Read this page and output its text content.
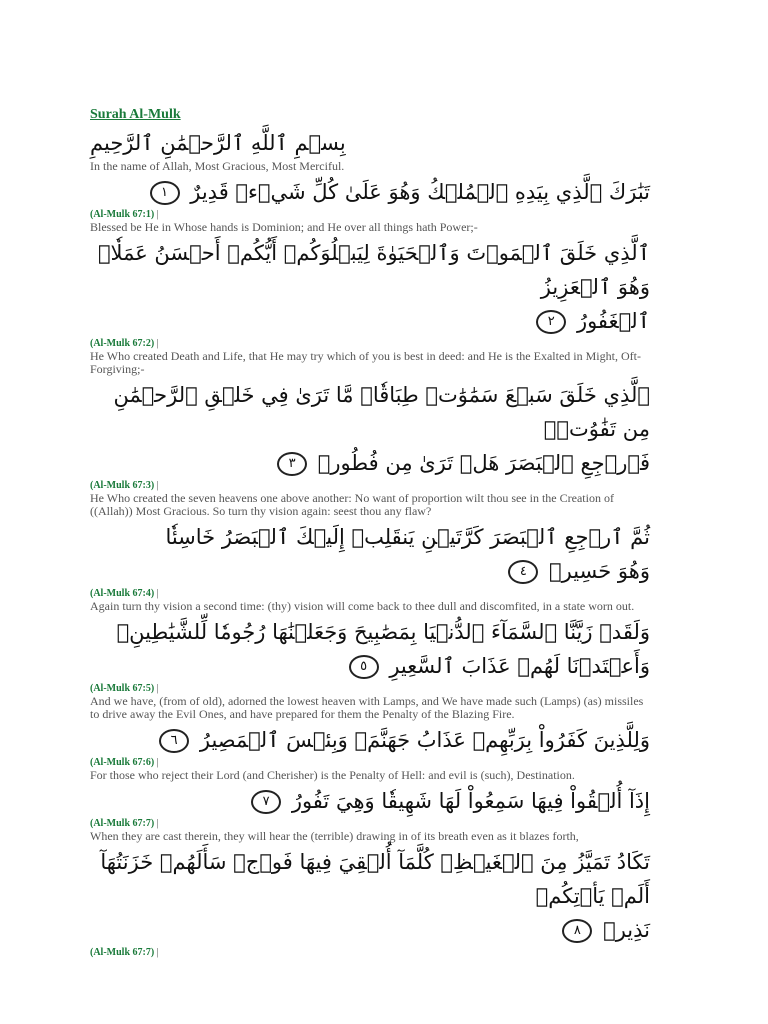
Surah Al-Mulk
بِسۡمِ ٱللَّهِ ٱلرَّحۡمَٰنِ ٱلرَّحِيمِ
In the name of Allah, Most Gracious, Most Merciful.
تَبَٰرَكَ ٱلَّذِي بِيَدِهِ ٱلۡمُلۡكُ وَهُوَ عَلَىٰ كُلِّ شَيۡءٖ قَدِيرٌ ١
(Al-Mulk 67:1) |
Blessed be He in Whose hands is Dominion; and He over all things hath Power;-
ٱلَّذِي خَلَقَ ٱلۡمَوۡتَ وَٱلۡحَيَوٰةَ لِيَبۡلُوَكُمۡ أَيُّكُمۡ أَحۡسَنُ عَمَلٗاۚ وَهُوَ ٱلۡعَزِيزُ
ٱلۡغَفُورُ ٢
(Al-Mulk 67:2) |
He Who created Death and Life, that He may try which of you is best in deed: and He is the Exalted in Might, Oft-Forgiving;-
ٱلَّذِي خَلَقَ سَبۡعَ سَمَٰوَٰتٖ طِبَاقٗاۖ مَّا تَرَىٰ فِي خَلۡقِ ٱلرَّحۡمَٰنِ مِن تَفَٰوُتٖۖ
فَٱرۡجِعِ ٱلۡبَصَرَ هَلۡ تَرَىٰ مِن فُطُورٖ ٣
(Al-Mulk 67:3) |
He Who created the seven heavens one above another: No want of proportion wilt thou see in the Creation of ((Allah)) Most Gracious. So turn thy vision again: seest thou any flaw?
ثُمَّ ٱرۡجِعِ ٱلۡبَصَرَ كَرَّتَيۡنِ يَنقَلِبۡ إِلَيۡكَ ٱلۡبَصَرُ خَاسِئٗا
وَهُوَ حَسِيرٞ ٤
(Al-Mulk 67:4) |
Again turn thy vision a second time: (thy) vision will come back to thee dull and discomfited, in a state worn out.
وَلَقَدۡ زَيَّنَّا ٱلسَّمَآءَ ٱلدُّنۡيَا بِمَصَٰبِيحَ وَجَعَلۡنَٰهَا رُجُومٗا لِّلشَّيَٰطِينِۖ
وَأَعۡتَدۡنَا لَهُمۡ عَذَابَ ٱلسَّعِيرِ ٥
(Al-Mulk 67:5) |
And we have, (from of old), adorned the lowest heaven with Lamps, and We have made such (Lamps) (as) missiles to drive away the Evil Ones, and have prepared for them the Penalty of the Blazing Fire.
وَلِلَّذِينَ كَفَرُواْ بِرَبِّهِمۡ عَذَابُ جَهَنَّمَۖ وَبِئۡسَ ٱلۡمَصِيرُ ٦
(Al-Mulk 67:6) |
For those who reject their Lord (and Cherisher) is the Penalty of Hell: and evil is (such), Destination.
إِذَآ أُلۡقُواْ فِيهَا سَمِعُواْ لَهَا شَهِيقٗا وَهِيَ تَفُورُ ٧
(Al-Mulk 67:7) |
When they are cast therein, they will hear the (terrible) drawing in of its breath even as it blazes forth,
تَكَادُ تَمَيَّزُ مِنَ ٱلۡغَيۡظِۖ كُلَّمَآ أُلۡقِيَ فِيهَا فَوۡجٞ سَأَلَهُمۡ خَزَنَتُهَآ أَلَمۡ يَأۡتِكُمۡ
نَذِيرٞ ٨
(Al-Mulk 67:7) |
